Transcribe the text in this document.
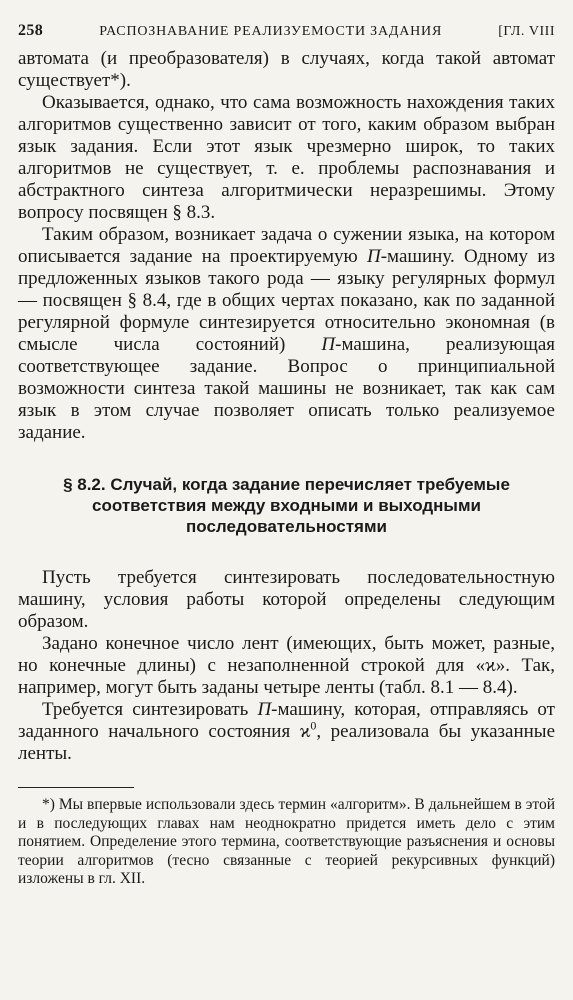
258	РАСПОЗНАВАНИЕ РЕАЛИЗУЕМОСТИ ЗАДАНИЯ	[ГЛ. VIII

автомата (и преобразователя) в случаях, когда такой автомат существует*).

Оказывается, однако, что сама возможность нахождения таких алгоритмов существенно зависит от того, каким образом выбран язык задания. Если этот язык чрезмерно широк, то таких алгоритмов не существует, т. е. проблемы распознавания и абстрактного синтеза алгоритмически неразрешимы. Этому вопросу посвящен § 8.3.

Таким образом, возникает задача о сужении языка, на котором описывается задание на проектируемую П-машину. Одному из предложенных языков такого рода — языку регулярных формул — посвящен § 8.4, где в общих чертах показано, как по заданной регулярной формуле синтезируется относительно экономная (в смысле числа состояний) П-машина, реализующая соответствующее задание. Вопрос о принципиальной возможности синтеза такой машины не возникает, так как сам язык в этом случае позволяет описать только реализуемое задание.

§ 8.2. Случай, когда задание перечисляет требуемые соответствия между входными и выходными последовательностями

Пусть требуется синтезировать последовательностную машину, условия работы которой определены следующим образом.

Задано конечное число лент (имеющих, быть может, разные, но конечные длины) с незаполненной строкой для «ϰ». Так, например, могут быть заданы четыре ленты (табл. 8.1 — 8.4).

Требуется синтезировать П-машину, которая, отправляясь от заданного начального состояния $ϰ^0$, реализовала бы указанные ленты.

*) Мы впервые использовали здесь термин «алгоритм». В дальнейшем в этой и в последующих главах нам неоднократно придется иметь дело с этим понятием. Определение этого термина, соответствующие разъяснения и основы теории алгоритмов (тесно связанные с теорией рекурсивных функций) изложены в гл. XII.
